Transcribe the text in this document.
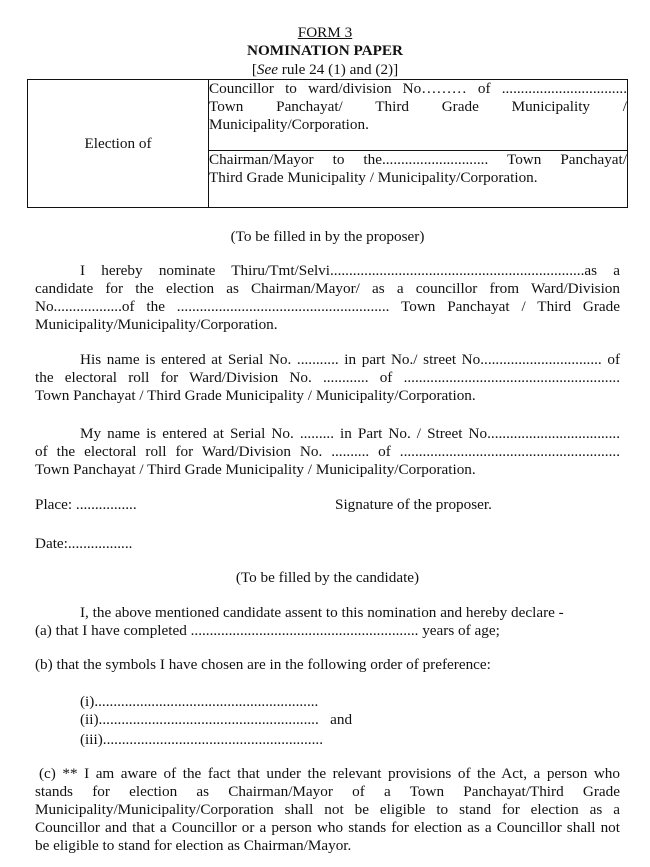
FORM 3
NOMINATION PAPER
[See rule 24 (1) and (2)]
Election of	
Councillor to ward/division No……… of .................................
Town Panchayat/ Third Grade Municipality /
Municipality/Corporation.

Chairman/Mayor to the............................ Town Panchayat/
Third Grade Municipality / Municipality/Corporation.
(To be filled in by the proposer)
I hereby nominate Thiru/Tmt/Selvi...................................................................as a
candidate for the election as Chairman/Mayor/ as a councillor from Ward/Division
No..................of the ........................................................ Town Panchayat / Third Grade
Municipality/Municipality/Corporation.
His name is entered at Serial No. ........... in part No./ street No................................ of
the electoral roll for Ward/Division No. ............ of .........................................................
Town Panchayat / Third Grade Municipality / Municipality/Corporation.
My name is entered at Serial No. ......... in Part No. / Street No...................................
of the electoral roll for Ward/Division No. .......... of ..........................................................
Town Panchayat / Third Grade Municipality / Municipality/Corporation.
Place: ................	Signature of the proposer.
Date:.................
(To be filled by the candidate)
I, the above mentioned candidate assent to this nomination and hereby declare -
(a) that I have completed ............................................................ years of age;
(b) that the symbols I have chosen are in the following order of preference:
(i)...........................................................
(ii).......................................................... and
(iii)..........................................................
(c) ** I am aware of the fact that under the relevant provisions of the Act, a person who
stands for election as Chairman/Mayor of a Town Panchayat/Third Grade
Municipality/Municipality/Corporation shall not be eligible to stand for election as a
Councillor and that a Councillor or a person who stands for election as a Councillor shall not
be eligible to stand for election as Chairman/Mayor.
